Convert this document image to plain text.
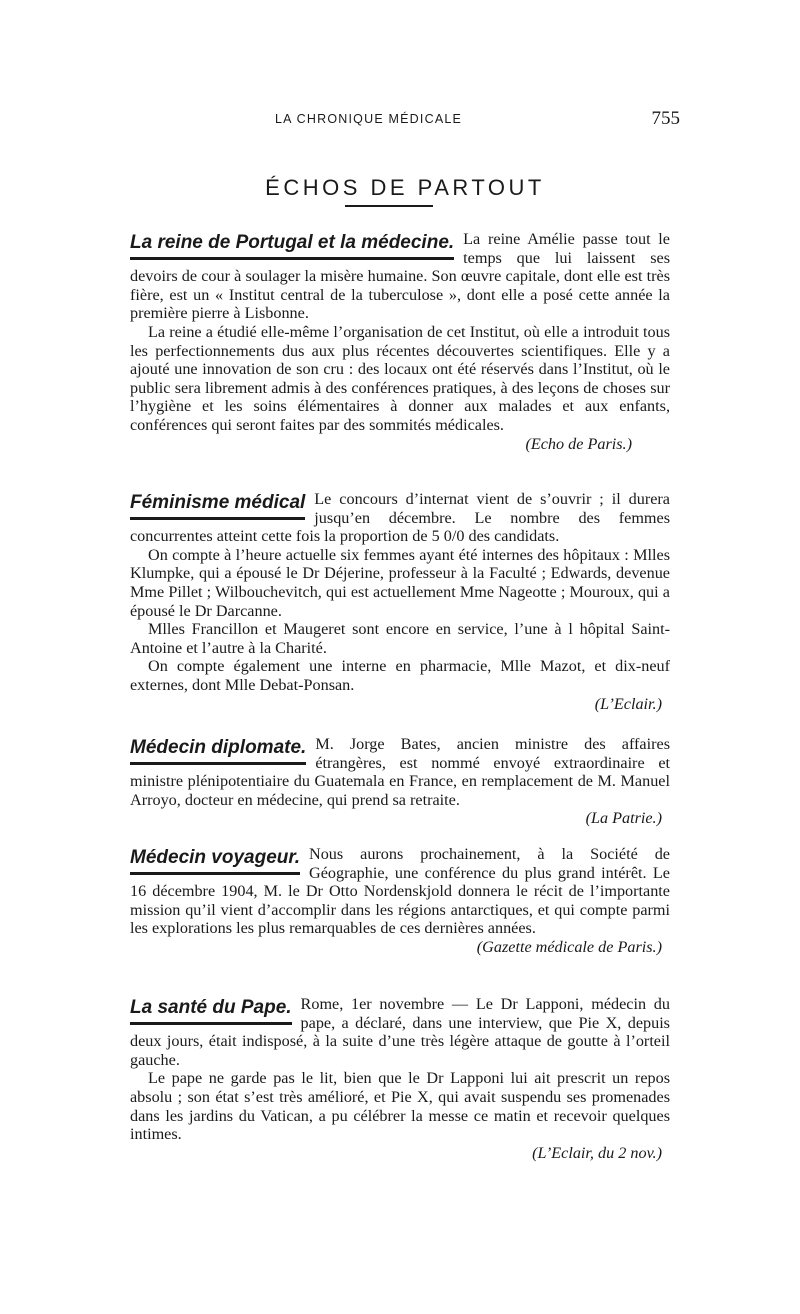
LA CHRONIQUE MÉDICALE	755
ÉCHOS DE PARTOUT
La reine de Portugal et la médecine. La reine Amélie passe tout le temps que lui laissent ses devoirs de cour à soulager la misère humaine. Son œuvre capitale, dont elle est très fière, est un « Institut central de la tuberculose », dont elle a posé cette année la première pierre à Lisbonne.

La reine a étudié elle-même l’organisation de cet Institut, où elle a introduit tous les perfectionnements dus aux plus récentes découvertes scientifiques. Elle y a ajouté une innovation de son cru : des locaux ont été réservés dans l’Institut, où le public sera librement admis à des conférences pratiques, à des leçons de choses sur l’hygiène et les soins élémentaires à donner aux malades et aux enfants, conférences qui seront faites par des sommités médicales.

(Echo de Paris.)

Féminisme médical Le concours d’internat vient de s’ouvrir ; il durera jusqu’en décembre. Le nombre des femmes concurrentes atteint cette fois la proportion de 5 0/0 des candidats.

On compte à l’heure actuelle six femmes ayant été internes des hôpitaux : Mlles Klumpke, qui a épousé le Dr Déjerine, professeur à la Faculté ; Edwards, devenue Mme Pillet ; Wilbouchevitch, qui est actuellement Mme Nageotte ; Mouroux, qui a épousé le Dr Darcanne.

Mlles Francillon et Maugeret sont encore en service, l’une à l hôpital Saint-Antoine et l’autre à la Charité.

On compte également une interne en pharmacie, Mlle Mazot, et dix-neuf externes, dont Mlle Debat-Ponsan.

(L’Eclair.)

Médecin diplomate. M. Jorge Bates, ancien ministre des affaires étrangères, est nommé envoyé extraordinaire et ministre plénipotentiaire du Guatemala en France, en remplacement de M. Manuel Arroyo, docteur en médecine, qui prend sa retraite.

(La Patrie.)

Médecin voyageur. Nous aurons prochainement, à la Société de Géographie, une conférence du plus grand intérêt. Le 16 décembre 1904, M. le Dr Otto Nordenskjold donnera le récit de l’importante mission qu’il vient d’accomplir dans les régions antarctiques, et qui compte parmi les explorations les plus remarquables de ces dernières années.

(Gazette médicale de Paris.)

La santé du Pape. Rome, 1er novembre — Le Dr Lapponi, médecin du pape, a déclaré, dans une interview, que Pie X, depuis deux jours, était indisposé, à la suite d’une très légère attaque de goutte à l’orteil gauche.

Le pape ne garde pas le lit, bien que le Dr Lapponi lui ait prescrit un repos absolu ; son état s’est très amélioré, et Pie X, qui avait suspendu ses promenades dans les jardins du Vatican, a pu célébrer la messe ce matin et recevoir quelques intimes.

(L’Eclair, du 2 nov.)
